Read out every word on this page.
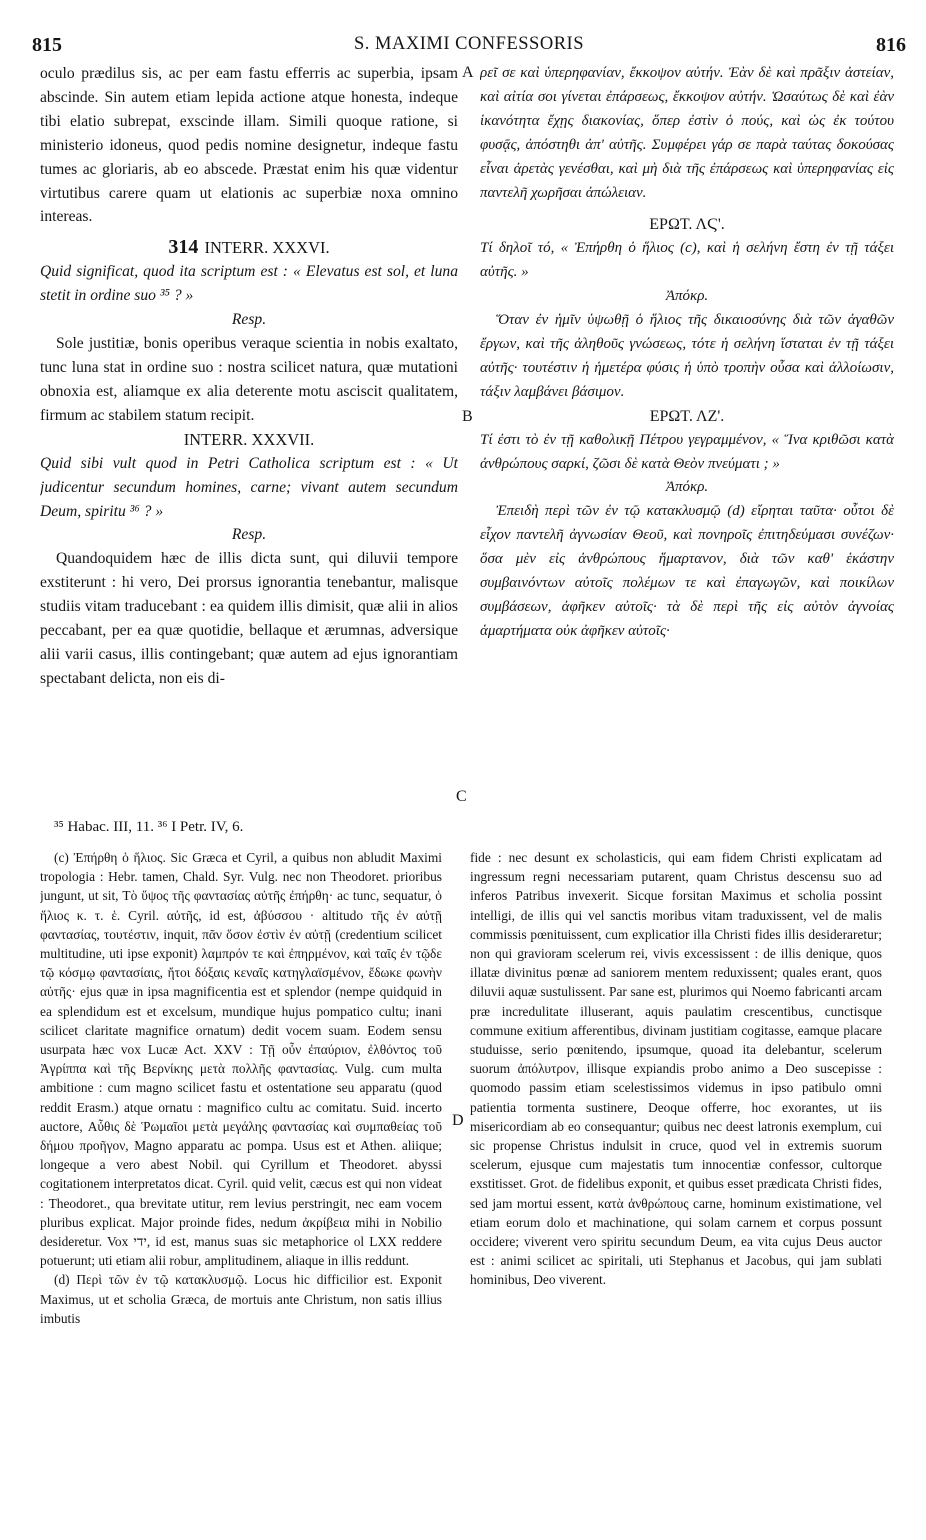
815	S. MAXIMI CONFESSORIS	816

oculo prædilus sis, ac per eam fastu efferris ac superbia, ipsam abscinde. Sin autem etiam lepida actione atque honesta, indeque tibi elatio subrepat, exscinde illam. Simili quoque ratione, si ministerio idoneus, quod pedis nomine designetur, indeque fastu tumes ac gloriaris, ab eo abscede. Præstat enim his quæ videntur virtutibus carere quam ut elationis ac superbiæ noxa omnino intereas.

314 INTERR. XXXVI.

Quid significat, quod ita scriptum est : « Elevatus est sol, et luna stetit in ordine suo ³⁵ ? »

Resp.

Sole justitiæ, bonis operibus veraque scientia in nobis exaltato, tunc luna stat in ordine suo : nostra scilicet natura, quæ mutationi obnoxia est, aliamque ex alia deterente motu asciscit qualitatem, firmum ac stabilem statum recipit.

INTERR. XXXVII.

Quid sibi vult quod in Petri Catholica scriptum est : « Ut judicentur secundum homines, carne; vivant autem secundum Deum, spiritu ³⁶ ? »

Resp.

Quandoquidem hæc de illis dicta sunt, qui diluvii tempore exstiterunt : hi vero, Dei prorsus ignorantia tenebantur, malisque studiis vitam traducebant : ea quidem illis dimisit, quæ alii in alios peccabant, per ea quæ quotidie, bellaque et ærumnas, adversique alii varii casus, illis contingebant; quæ autem ad ejus ignorantiam spectabant delicta, non eis di-

ρεῖ σε καὶ ὑπερηφανίαν, ἔκκοψον αὐτήν. Ἐὰν δὲ καὶ πρᾶξιν ἀστείαν, καὶ αἰτία σοι γίνεται ἐπάρσεως, ἔκκοψον αὐτήν. Ὡσαύτως δὲ καὶ ἐὰν ἱκανότητα ἔχῃς διακονίας, ὅπερ ἐστὶν ὁ πούς, καὶ ὡς ἐκ τούτου φυσᾷς, ἀπόστηθι ἀπ' αὐτῆς. Συμφέρει γάρ σε παρὰ ταύτας δοκούσας εἶναι ἀρετὰς γενέσθαι, καὶ μὴ διὰ τῆς ἐπάρσεως καὶ ὑπερηφανίας εἰς παντελῆ χωρῆσαι ἀπώλειαν.

ΕΡΩΤ. ΛϚ'.

Τί δηλοῖ τό, « Ἐπήρθη ὁ ἥλιος (c), καὶ ἡ σελήνη ἔστη ἐν τῇ τάξει αὐτῆς. »

Ἀπόκρ.

Ὅταν ἐν ἡμῖν ὑψωθῇ ὁ ἥλιος τῆς δικαιοσύνης διὰ τῶν ἀγαθῶν ἔργων, καὶ τῆς ἀληθοῦς γνώσεως, τότε ἡ σελήνη ἵσταται ἐν τῇ τάξει αὐτῆς· τουτέστιν ἡ ἡμετέρα φύσις ἡ ὑπὸ τροπὴν οὖσα καὶ ἀλλοίωσιν, τάξιν λαμβάνει βάσιμον.

ΕΡΩΤ. ΛΖ'.

Τί ἐστι τὸ ἐν τῇ καθολικῇ Πέτρου γεγραμμένον, « Ἵνα κριθῶσι κατὰ ἀνθρώπους σαρκί, ζῶσι δὲ κατὰ Θεὸν πνεύματι ; »

Ἀπόκρ.

Ἐπειδὴ περὶ τῶν ἐν τῷ κατακλυσμῷ (d) εἴρηται ταῦτα· οὗτοι δὲ εἶχον παντελῆ ἀγνωσίαν Θεοῦ, καὶ πονηροῖς ἐπιτηδεύμασι συνέζων· ὅσα μὲν εἰς ἀνθρώπους ἥμαρτανον, διὰ τῶν καθ' ἑκάστην συμβαινόντων αὐτοῖς πολέμων τε καὶ ἐπαγωγῶν, καὶ ποικίλων συμβάσεων, ἀφῆκεν αὐτοῖς· τὰ δὲ περὶ τῆς εἰς αὐτὸν ἀγνοίας ἁμαρτήματα οὐκ ἀφῆκεν αὐτοῖς·

A
B
C
D
³⁵ Habac. III, 11. ³⁶ I Petr. IV, 6.

(c) Ἐπήρθη ὁ ἥλιος. Sic Græca et Cyril, a quibus non abludit Maximi tropologia : Hebr. tamen, Chald. Syr. Vulg. nec non Theodoret. prioribus jungunt, ut sit, Τὸ ὕψος τῆς φαντασίας αὐτῆς ἐπήρθη· ac tunc, sequatur, ὁ ἥλιος κ. τ. ἑ. Cyril. αὐτῆς, id est, ἀβύσσου · altitudo τῆς ἐν αὐτῇ φαντασίας, τουτέστιν, inquit, πᾶν ὅσον ἐστὶν ἐν αὐτῇ (credentium scilicet multitudine, uti ipse exponit) λαμπρόν τε καὶ ἐπηρμένον, καὶ ταῖς ἐν τῷδε τῷ κόσμῳ φαντασίαις, ἤτοι δόξαις κεναῖς κατηγλαϊσμένον, ἔδωκε φωνὴν αὐτῆς· ejus quæ in ipsa magnificentia est et splendor (nempe quidquid in ea splendidum est et excelsum, mundique hujus pompatico cultu; inani scilicet claritate magnifice ornatum) dedit vocem suam. Eodem sensu usurpata hæc vox Lucæ Act. XXV : Τῇ οὖν ἐπαύριον, ἐλθόντος τοῦ Ἀγρίππα καὶ τῆς Βερνίκης μετὰ πολλῆς φαντασίας. Vulg. cum multa ambitione : cum magno scilicet fastu et ostentatione seu apparatu (quod reddit Erasm.) atque ornatu : magnifico cultu ac comitatu. Suid. incerto auctore, Αὖθις δὲ Ῥωμαῖοι μετὰ μεγάλης φαντασίας καὶ συμπαθείας τοῦ δήμου προῆγον, Magno apparatu ac pompa. Usus est et Athen. aliique; longeque a vero abest Nobil. qui Cyrillum et Theodoret. abyssi cogitationem interpretatos dicat. Cyril. quid velit, cæcus est qui non videat : Theodoret., qua brevitate utitur, rem levius perstringit, nec eam vocem pluribus explicat. Major proinde fides, nedum ἀκρίβεια mihi in Nobilio desideretur. Vox ידי, id est, manus suas sic metaphorice ol LXX reddere potuerunt; uti etiam alii robur, amplitudinem, aliaque in illis reddunt.

(d) Περὶ τῶν ἐν τῷ κατακλυσμῷ. Locus hic difficilior est. Exponit Maximus, ut et scholia Græca, de mortuis ante Christum, non satis illius imbutis

fide : nec desunt ex scholasticis, qui eam fidem Christi explicatam ad ingressum regni necessariam putarent, quam Christus descensu suo ad inferos Patribus invexerit. Sicque forsitan Maximus et scholia possint intelligi, de illis qui vel sanctis moribus vitam traduxissent, vel de malis commissis pœnituissent, cum explicatior illa Christi fides illis desideraretur; non qui gravioram scelerum rei, vivis excessissent : de illis denique, quos illatæ divinitus pœnæ ad saniorem mentem reduxissent; quales erant, quos diluvii aquæ sustulissent. Par sane est, plurimos qui Noemo fabricanti arcam præ incredulitate illuserant, aquis paulatim crescentibus, cunctisque commune exitium afferentibus, divinam justitiam cogitasse, eamque placare studuisse, serio pœnitendo, ipsumque, quoad ita delebantur, scelerum suorum ἀπόλυτρον, illisque expiandis probo animo a Deo suscepisse : quomodo passim etiam scelestissimos videmus in ipso patibulo omni patientia tormenta sustinere, Deoque offerre, hoc exorantes, ut iis misericordiam ab eo consequantur; quibus nec deest latronis exemplum, cui sic propense Christus indulsit in cruce, quod vel in extremis suorum scelerum, ejusque cum majestatis tum innocentiæ confessor, cultorque exstitisset. Grot. de fidelibus exponit, et quibus esset prædicata Christi fides, sed jam mortui essent, κατὰ ἀνθρώπους carne, hominum existimatione, vel etiam eorum dolo et machinatione, qui solam carnem et corpus possunt occidere; viverent vero spiritu secundum Deum, ea vita cujus Deus auctor est : animi scilicet ac spiritali, uti Stephanus et Jacobus, qui jam sublati hominibus, Deo viverent.
